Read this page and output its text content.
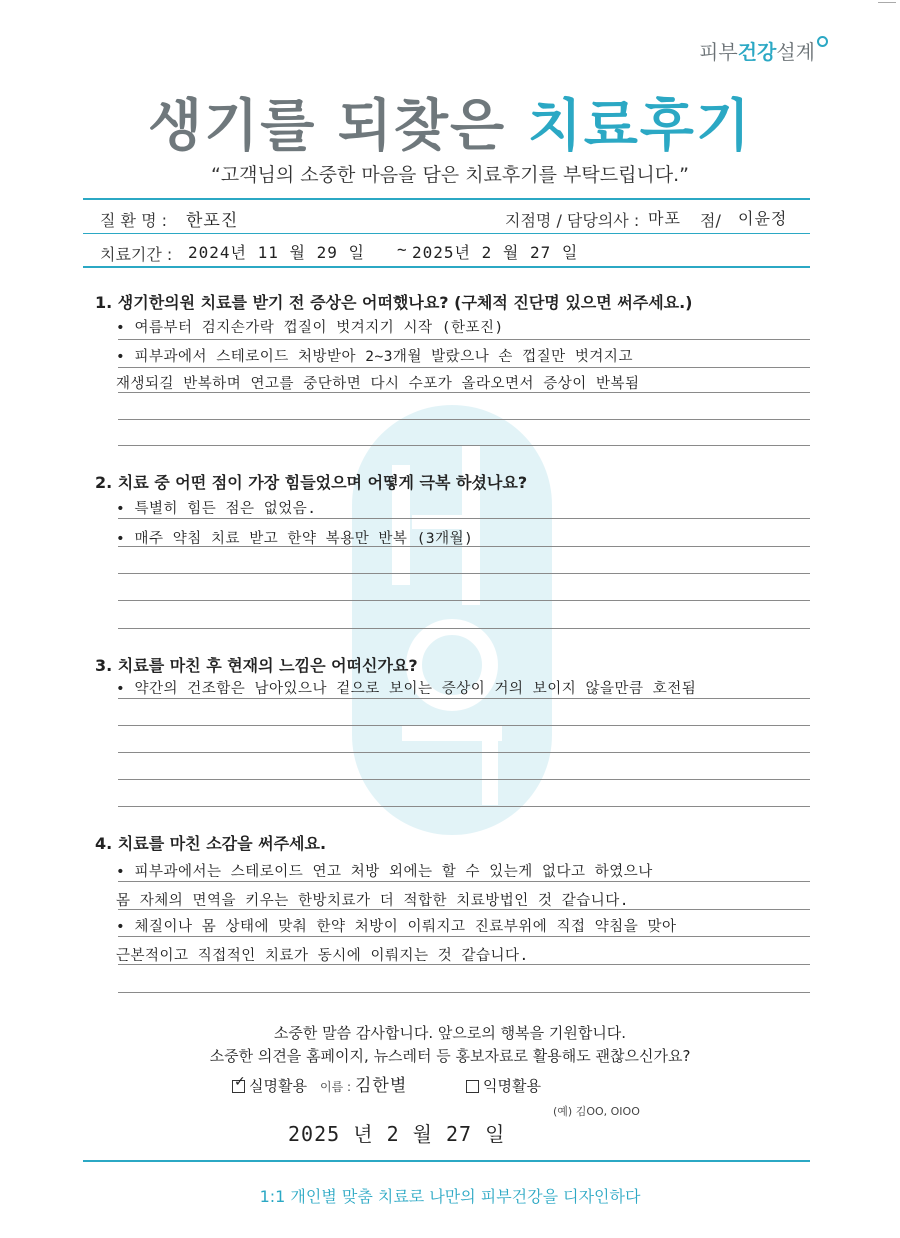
피부건강설계
생기를 되찾은 치료후기
“고객님의 소중한 마음을 담은 치료후기를 부탁드립니다.”
질 환 명 : 한포진	지점명 / 담당의사 : 마포 점/ 이윤정
치료기간 : 2024년 11 월 29 일 ~ 2025년 2 월 27 일
1. 생기한의원 치료를 받기 전 증상은 어떠했나요? (구체적 진단명 있으면 써주세요.)
• 여름부터 검지손가락 껍질이 벗겨지기 시작 (한포진)
• 피부과에서 스테로이드 처방받아 2~3개월 발랐으나 손 껍질만 벗겨지고
재생되길 반복하며 연고를 중단하면 다시 수포가 올라오면서 증상이 반복됨
2. 치료 중 어떤 점이 가장 힘들었으며 어떻게 극복 하셨나요?
• 특별히 힘든 점은 없었음.
• 매주 약침 치료 받고 한약 복용만 반복 (3개월)
3. 치료를 마친 후 현재의 느낌은 어떠신가요?
• 약간의 건조함은 남아있으나 겉으로 보이는 증상이 거의 보이지 않을만큼 호전됨
4. 치료를 마친 소감을 써주세요.
• 피부과에서는 스테로이드 연고 처방 외에는 할 수 있는게 없다고 하였으나
몸 자체의 면역을 키우는 한방치료가 더 적합한 치료방법인 것 같습니다.
• 체질이나 몸 상태에 맞춰 한약 처방이 이뤄지고 진료부위에 직접 약침을 맞아
근본적이고 직접적인 치료가 동시에 이뤄지는 것 같습니다.
소중한 말씀 감사합니다. 앞으로의 행복을 기원합니다.
소중한 의견을 홈페이지, 뉴스레터 등 홍보자료로 활용해도 괜찮으신가요?
✓ 실명활용 이름 : 김한별	익명활용
(예) 김OO, OIOO
2025 년 2 월 27 일
1:1 개인별 맞춤 치료로 나만의 피부건강을 디자인하다
